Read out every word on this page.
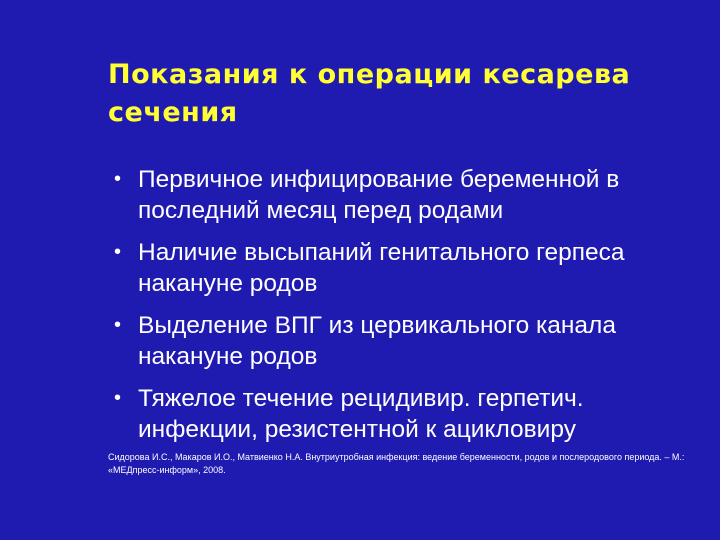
Показания к операции кесарева сечения
• Первичное инфицирование беременной в последний месяц перед родами
• Наличие высыпаний генитального герпеса накануне родов
• Выделение ВПГ из цервикального канала накануне родов
• Тяжелое течение рецидивир. герпетич. инфекции, резистентной к ацикловиру

Сидорова И.С., Макаров И.О., Матвиенко Н.А. Внутриутробная инфекция: ведение беременности, родов и послеродового периода. – М.: «МЕДпресс-информ», 2008.
